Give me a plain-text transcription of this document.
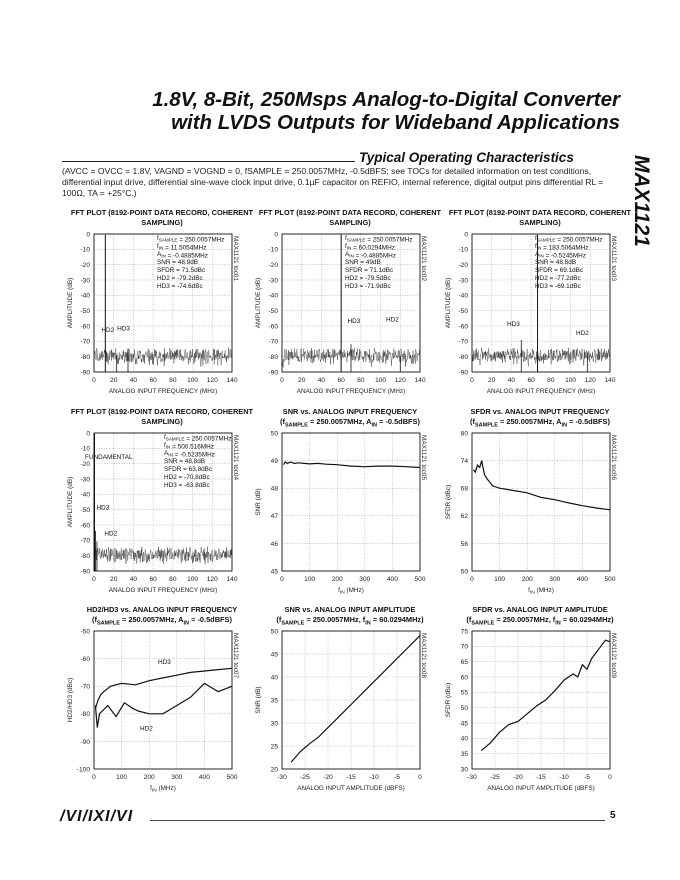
1.8V, 8-Bit, 250Msps Analog-to-Digital Converter
with LVDS Outputs for Wideband Applications
Typical Operating Characteristics
(AVCC = OVCC = 1.8V, VAGND = VOGND = 0, fSAMPLE = 250.0057MHz, -0.5dBFS; see TOCs for detailed information on test conditions, differential input drive, differential sine-wave clock input drive, 0.1µF capacitor on REFIO, internal reference, digital output pins differential RL = 100Ω, TA = +25°C.)	MAX1121
FFT PLOT (8192-POINT DATA RECORD, COHERENT SAMPLING)
0 20 40 60 80 100 120 140
0
-10
-20
-30
-40
-50
-60
-70
-80
-90
ANALOG INPUT FREQUENCY (MHz)
AMPLITUDE (dB)
MAX1121 toc01
$f_{SAMPLE} = 250.0057MHz$
$f_{IN} = 11.5054MHz$
$A_{IN} = -0.4885MHz$
SNR = 48.9dB
SFDR = 71.5dBc
HD2 = -79.2dBc
HD3 = -74.6dBc
HD2 HD3
FFT PLOT (8192-POINT DATA RECORD, COHERENT SAMPLING)
0 20 40 60 80 100 120 140
0
-10
-20
-30
-40
-50
-60
-70
-80
-90
ANALOG INPUT FREQUENCY (MHz)
AMPLITUDE (dB)
MAX1121 toc02
$f_{SAMPLE} = 250.0057MHz$
$f_{IN} = 60.0294MHz$
$A_{IN} = -0.4885MHz$
SNR = 49dB
SFDR = 71.1dBc
HD2 = -79.5dBc
HD3 = -71.9dBc
HD3	HD2
FFT PLOT (8192-POINT DATA RECORD, COHERENT SAMPLING)
0 20 40 60 80 100 120 140
0
-10
-20
-30
-40
-50
-60
-70
-80
-90
ANALOG INPUT FREQUENCY (MHz)
AMPLITUDE (dB)
MAX1121 toc03
$f_{SAMPLE} = 250.0057MHz$
$f_{IN} = 183.5064MHz$
$A_{IN} = -0.5245MHz$
SNR = 48.8dB
SFDR = 69.1dBc
HD2 = -77.2dBc
HD3 = -69.1dBc
HD3
HD2
FFT PLOT (8192-POINT DATA RECORD, COHERENT SAMPLING)
0 20 40 60 80 100 120 140
0
-10
-20
-30
-40
-50
-60
-70
-80
-90
ANALOG INPUT FREQUENCY (MHz)
AMPLITUDE (dB)
MAX1121 toc04
$f_{SAMPLE} = 250.0057MHz$
$f_{IN} = 500.516MHz$
$A_{IN} = -0.5235MHz$
SNR = 48.8dB
SFDR = 63.8dBc
HD2 = -70.8dBc
HD3 = -63.8dBc
FUNDAMENTAL
HD3
HD2
SNR vs. ANALOG INPUT FREQUENCY
($f_{SAMPLE} = 250.0057MHz$, $A_{IN}$ = -0.5dBFS)
0	100	200	300	400	500
50
49
48
47
46
45
$f_{IN}$ (MHz)
SNR (dB)
MAX1121 toc05
SFDR vs. ANALOG INPUT FREQUENCY
($f_{SAMPLE} = 250.0057MHz$, $A_{IN}$ = -0.5dBFS)
0	100	200	300	400	500
80
74
68
62
56
50
$f_{IN}$ (MHz)
SFDR (dBc)
MAX1121 toc06
HD2/HD3 vs. ANALOG INPUT FREQUENCY
($f_{SAMPLE} = 250.0057MHz$, $A_{IN}$ = -0.5dBFS)
0	100	200	300	400	500
-50
-60
-70
-80
-90
-100
$f_{IN}$ (MHz)
HD2/HD3 (dBc)
MAX1121 toc07
HD3
HD2
SNR vs. ANALOG INPUT AMPLITUDE
($f_{SAMPLE} = 250.0057MHz$, $f_{IN} = 60.0294MHz$)
-30 -25 -20 -15 -10 -5	0
50
45
40
35
30
25
20
ANALOG INPUT AMPLITUDE (dBFS)
SNR (dB)
MAX1121 toc08
SFDR vs. ANALOG INPUT AMPLITUDE
($f_{SAMPLE} = 250.0057MHz$, $f_{IN} = 60.0294MHz$)
-30 -25 -20 -15 -10 -5	0
75
70
65
60
55
50
45
40
35
30
ANALOG INPUT AMPLITUDE (dBFS)
SFDR (dBc)
MAX1121 toc09
/VI/IXI/VI	5
